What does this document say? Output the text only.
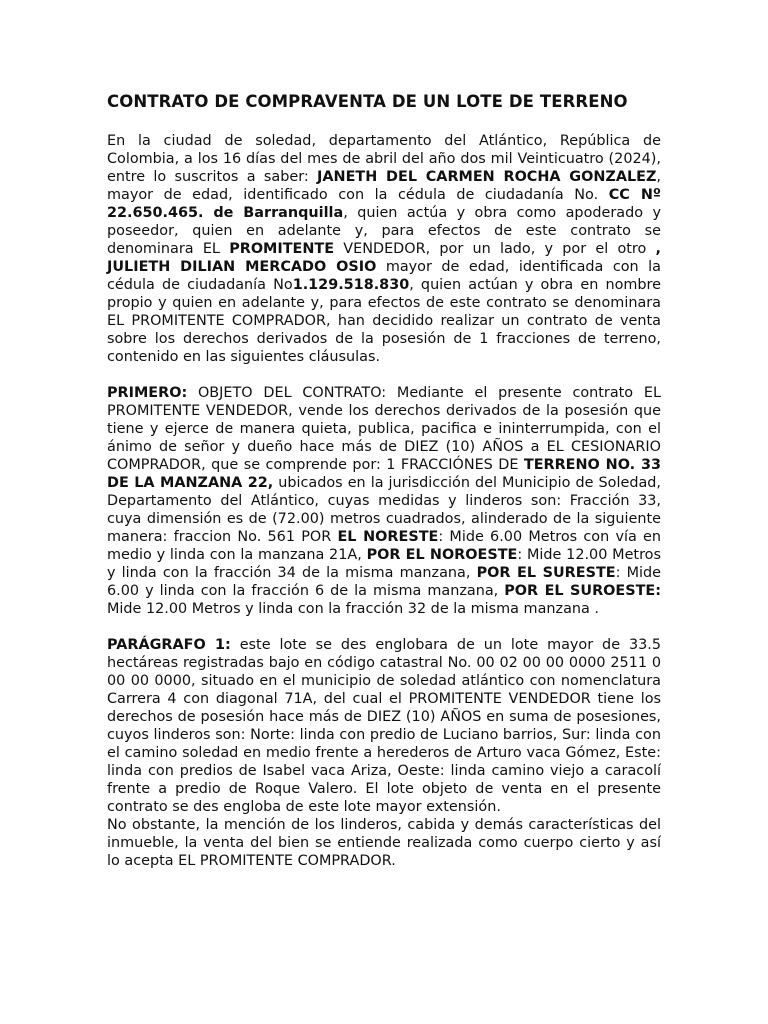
CONTRATO DE COMPRAVENTA DE UN LOTE DE TERRENO

En la ciudad de soledad, departamento del Atlántico, República de Colombia, a los 16 días del mes de abril del año dos mil Veinticuatro (2024), entre lo suscritos a saber: JANETH DEL CARMEN ROCHA GONZALEZ, mayor de edad, identificado con la cédula de ciudadanía No. CC Nº 22.650.465. de Barranquilla, quien actúa y obra como apoderado y poseedor, quien en adelante y, para efectos de este contrato se denominara EL PROMITENTE VENDEDOR, por un lado, y por el otro , JULIETH DILIAN MERCADO OSIO mayor de edad, identificada con la cédula de ciudadanía No1.129.518.830, quien actúan y obra en nombre propio y quien en adelante y, para efectos de este contrato se denominara EL PROMITENTE COMPRADOR, han decidido realizar un contrato de venta sobre los derechos derivados de la posesión de 1 fracciones de terreno, contenido en las siguientes cláusulas.

PRIMERO: OBJETO DEL CONTRATO: Mediante el presente contrato EL PROMITENTE VENDEDOR, vende los derechos derivados de la posesión que tiene y ejerce de manera quieta, publica, pacifica e ininterrumpida, con el ánimo de señor y dueño hace más de DIEZ (10) AÑOS a EL CESIONARIO COMPRADOR, que se comprende por: 1 FRACCIÓNES DE TERRENO NO. 33 DE LA MANZANA 22, ubicados en la jurisdicción del Municipio de Soledad, Departamento del Atlántico, cuyas medidas y linderos son: Fracción 33, cuya dimensión es de (72.00) metros cuadrados, alinderado de la siguiente manera: fraccion No. 561 POR EL NORESTE: Mide 6.00 Metros con vía en medio y linda con la manzana 21A, POR EL NOROESTE: Mide 12.00 Metros y linda con la fracción 34 de la misma manzana, POR EL SURESTE: Mide 6.00 y linda con la fracción 6 de la misma manzana, POR EL SUROESTE: Mide 12.00 Metros y linda con la fracción 32 de la misma manzana .

PARÁGRAFO 1: este lote se des englobara de un lote mayor de 33.5 hectáreas registradas bajo en código catastral No. 00 02 00 00 0000 2511 0 00 00 0000, situado en el municipio de soledad atlántico con nomenclatura Carrera 4 con diagonal 71A, del cual el PROMITENTE VENDEDOR tiene los derechos de posesión hace más de DIEZ (10) AÑOS en suma de posesiones, cuyos linderos son: Norte: linda con predio de Luciano barrios, Sur: linda con el camino soledad en medio frente a herederos de Arturo vaca Gómez, Este: linda con predios de Isabel vaca Ariza, Oeste: linda camino viejo a caracolí frente a predio de Roque Valero. El lote objeto de venta en el presente contrato se des engloba de este lote mayor extensión.

No obstante, la mención de los linderos, cabida y demás características del inmueble, la venta del bien se entiende realizada como cuerpo cierto y así lo acepta EL PROMITENTE COMPRADOR.
